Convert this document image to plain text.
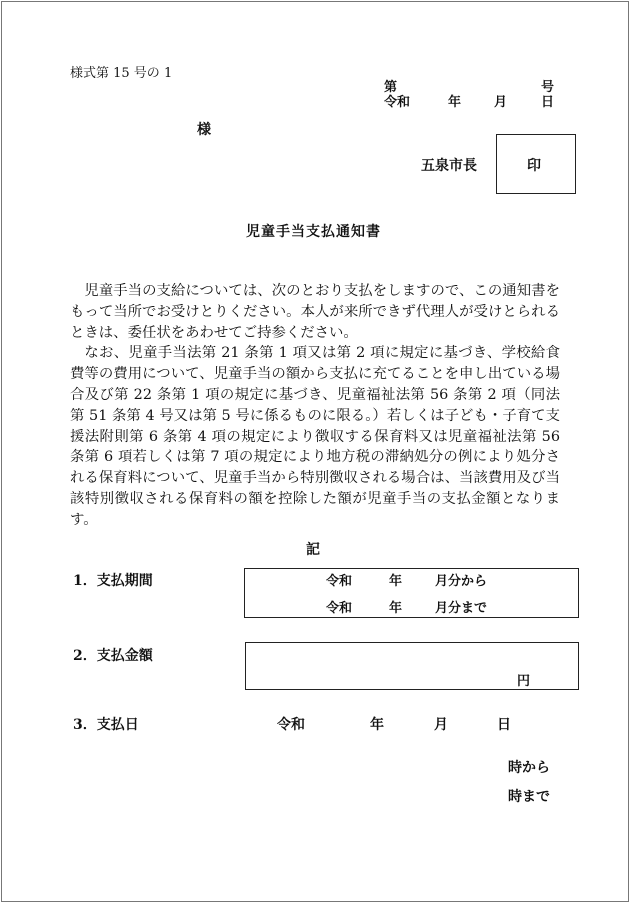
様式第 15 号の 1
第	号
令和	年	月	日
様
五泉市長	印
児童手当支払通知書

児童手当の支給については、次のとおり支払をしますので、この通知書をもって当所でお受けとりください。本人が来所できず代理人が受けとられるときは、委任状をあわせてご持参ください。

なお、児童手当法第 21 条第 1 項又は第 2 項に規定に基づき、学校給食費等の費用について、児童手当の額から支払に充てることを申し出ている場合及び第 22 条第 1 項の規定に基づき、児童福祉法第 56 条第 2 項（同法第 51 条第 4 号又は第 5 号に係るものに限る。）若しくは子ども・子育て支援法附則第 6 条第 4 項の規定により徴収する保育料又は児童福祉法第 56 条第 6 項若しくは第 7 項の規定により地方税の滞納処分の例により処分される保育料について、児童手当から特別徴収される場合は、当該費用及び当該特別徴収される保育料の額を控除した額が児童手当の支払金額となります。

記
1．支払期間	令和	年	月分から
令和	年	月分まで
2．支払金額
円
3．支払日	令和	年	月	日
時から
時まで
